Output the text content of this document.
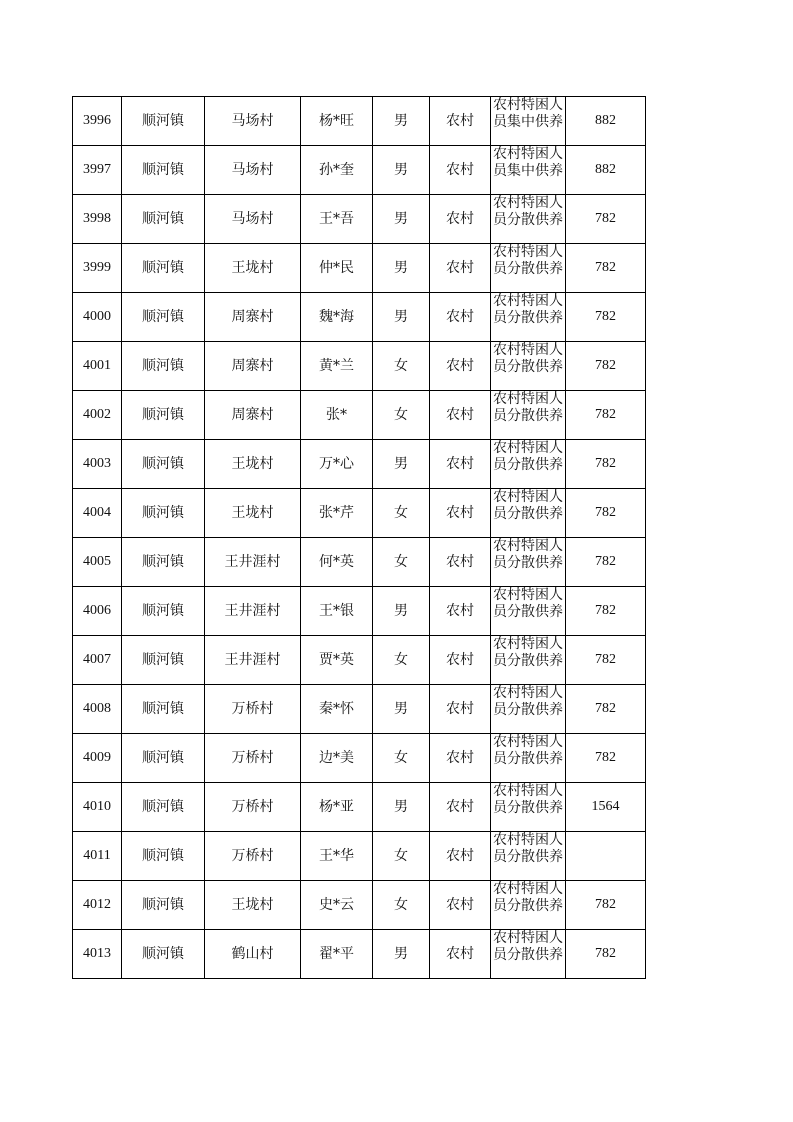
3996	顺河镇	马场村	杨*旺	男	农村	农村特困人员集中供养	882
3997	顺河镇	马场村	孙*奎	男	农村	农村特困人员集中供养	882
3998	顺河镇	马场村	王*吾	男	农村	农村特困人员分散供养	782
3999	顺河镇	王垅村	仲*民	男	农村	农村特困人员分散供养	782
4000	顺河镇	周寨村	魏*海	男	农村	农村特困人员分散供养	782
4001	顺河镇	周寨村	黄*兰	女	农村	农村特困人员分散供养	782
4002	顺河镇	周寨村	张*	女	农村	农村特困人员分散供养	782
4003	顺河镇	王垅村	万*心	男	农村	农村特困人员分散供养	782
4004	顺河镇	王垅村	张*芹	女	农村	农村特困人员分散供养	782
4005	顺河镇	王井涯村	何*英	女	农村	农村特困人员分散供养	782
4006	顺河镇	王井涯村	王*银	男	农村	农村特困人员分散供养	782
4007	顺河镇	王井涯村	贾*英	女	农村	农村特困人员分散供养	782
4008	顺河镇	万桥村	秦*怀	男	农村	农村特困人员分散供养	782
4009	顺河镇	万桥村	边*美	女	农村	农村特困人员分散供养	782
4010	顺河镇	万桥村	杨*亚	男	农村	农村特困人员分散供养	1564
4011	顺河镇	万桥村	王*华	女	农村	农村特困人员分散供养	

4012	顺河镇	王垅村	史*云	女	农村	农村特困人员分散供养	782
4013	顺河镇	鹤山村	翟*平	男	农村	农村特困人员分散供养	782
